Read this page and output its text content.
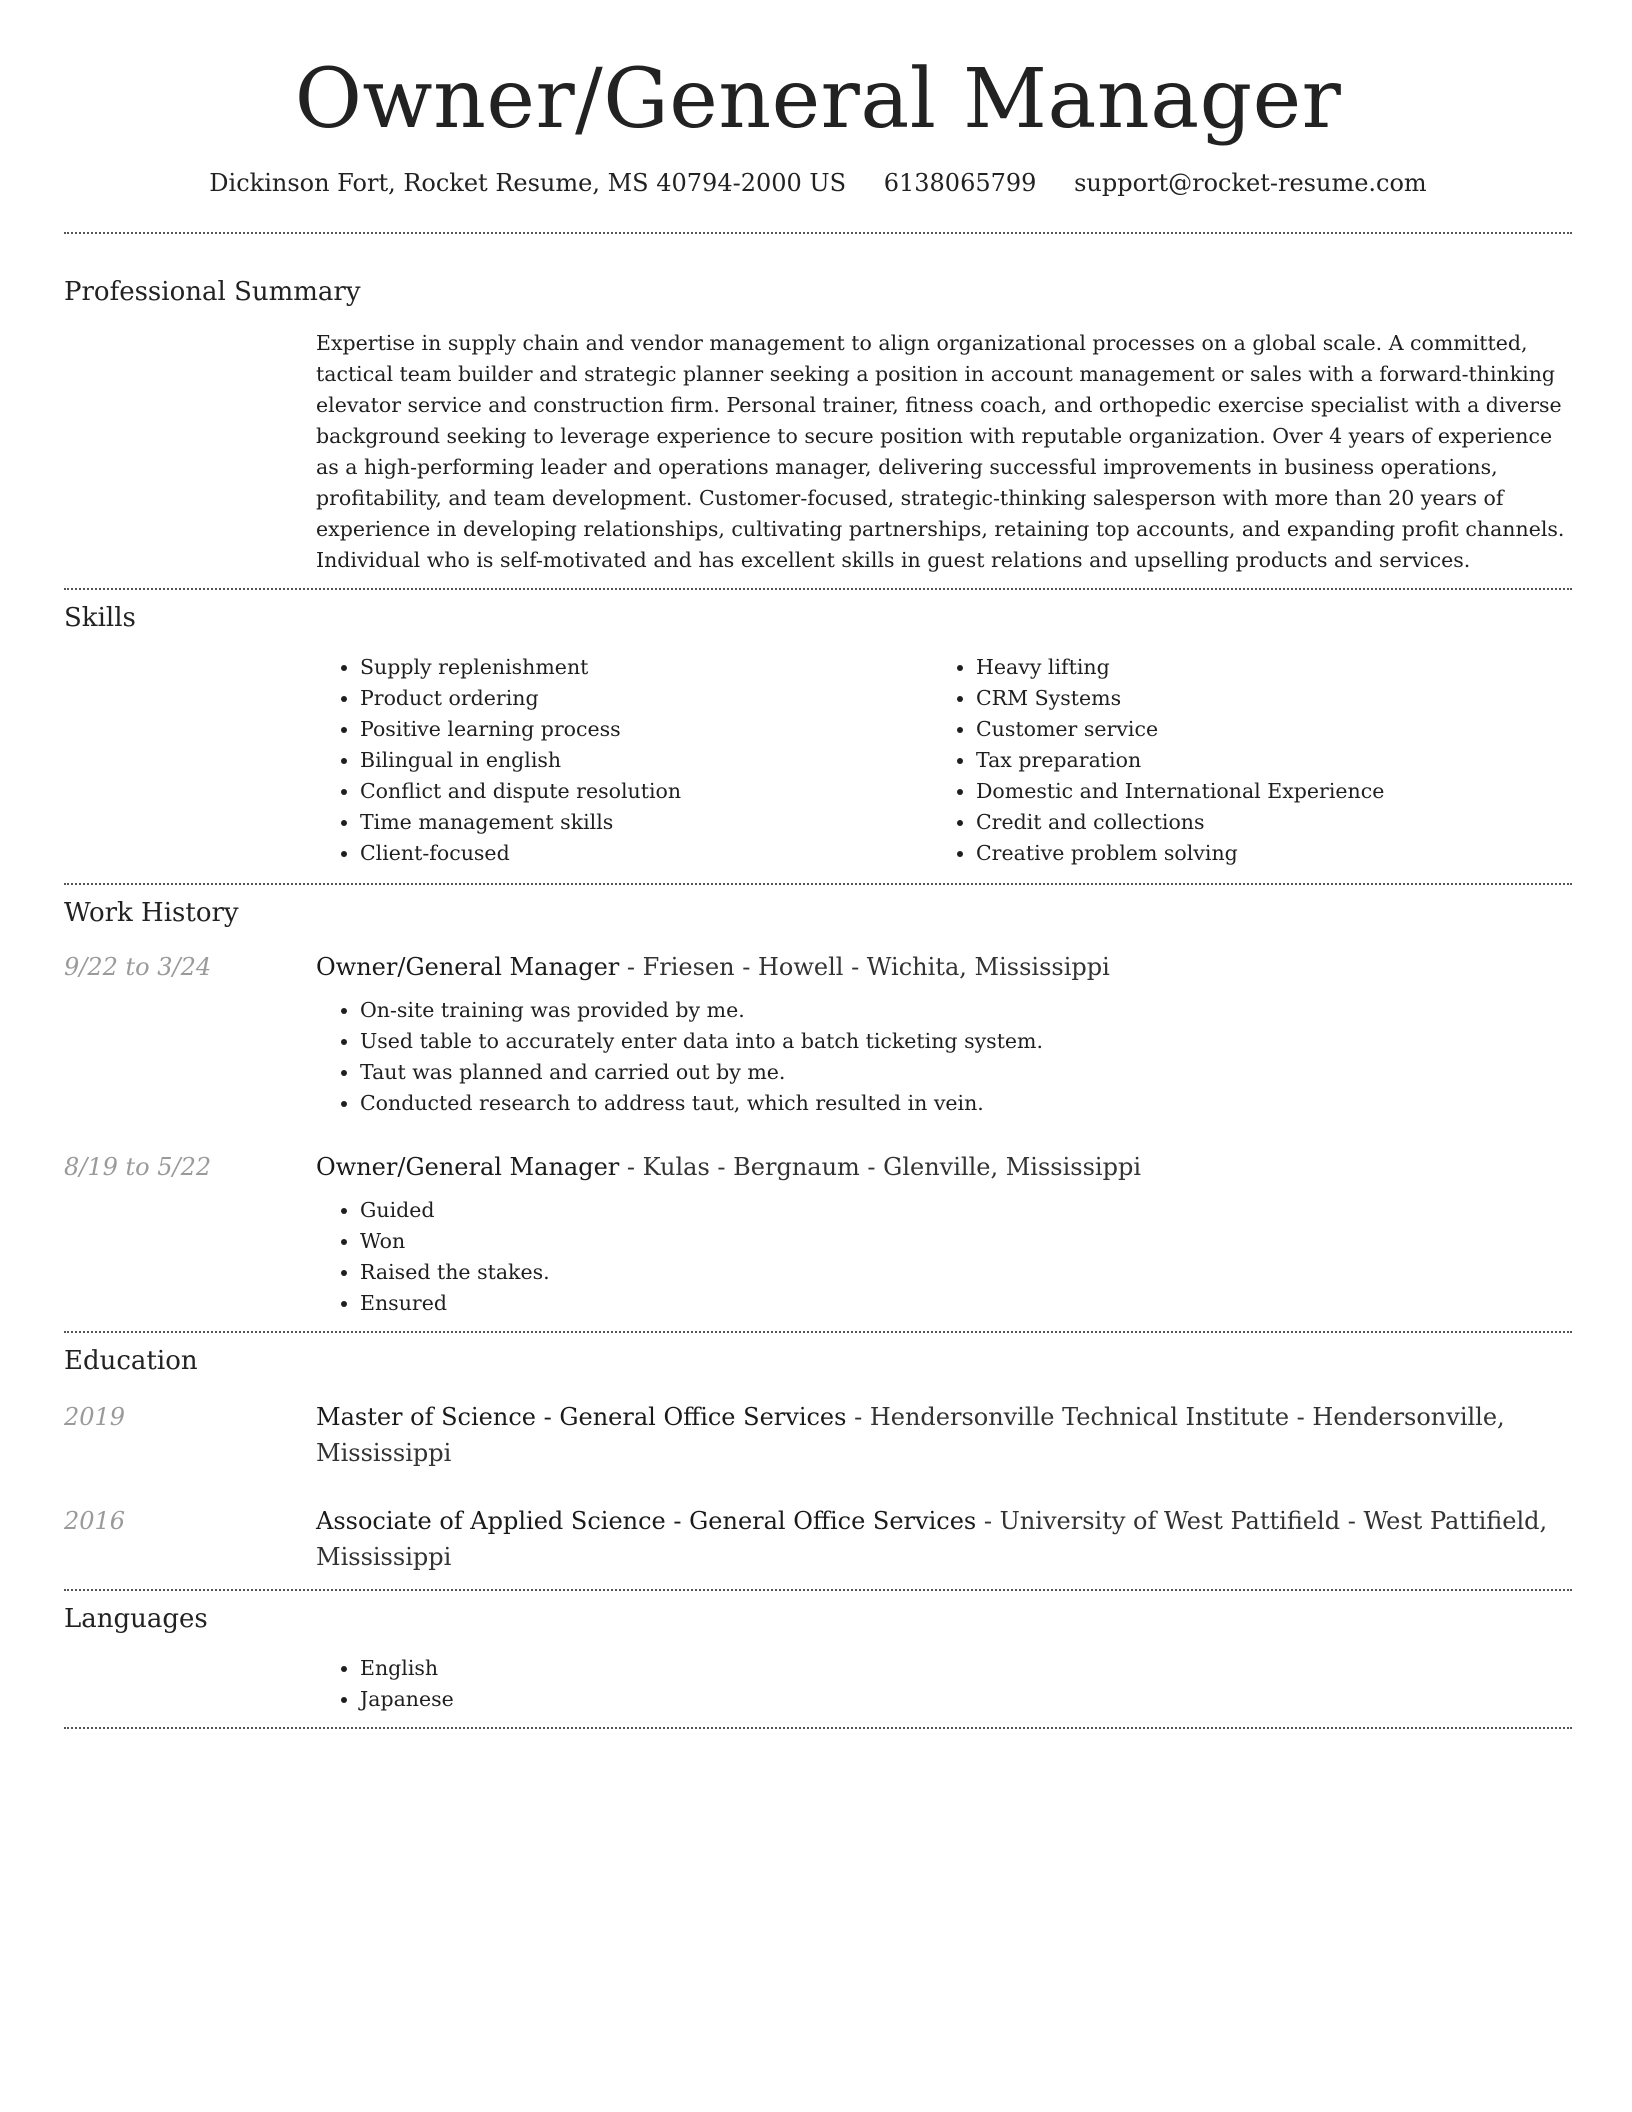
Owner/General Manager
Dickinson Fort, Rocket Resume, MS 40794-2000 US 6138065799 support@rocket-resume.com
Professional Summary
Expertise in supply chain and vendor management to align organizational processes on a global scale. A committed, tactical team builder and strategic planner seeking a position in account management or sales with a forward-thinking elevator service and construction firm. Personal trainer, fitness coach, and orthopedic exercise specialist with a diverse background seeking to leverage experience to secure position with reputable organization. Over 4 years of experience as a high-performing leader and operations manager, delivering successful improvements in business operations, profitability, and team development. Customer-focused, strategic-thinking salesperson with more than 20 years of experience in developing relationships, cultivating partnerships, retaining top accounts, and expanding profit channels. Individual who is self-motivated and has excellent skills in guest relations and upselling products and services.
Skills
• Supply replenishment
• Product ordering
• Positive learning process
• Bilingual in english
• Conflict and dispute resolution
• Time management skills
• Client-focused
• Heavy lifting
• CRM Systems
• Customer service
• Tax preparation
• Domestic and International Experience
• Credit and collections
• Creative problem solving
Work History
9/22 to 3/24	Owner/General Manager - Friesen - Howell - Wichita, Mississippi
• On-site training was provided by me.
• Used table to accurately enter data into a batch ticketing system.
• Taut was planned and carried out by me.
• Conducted research to address taut, which resulted in vein.
8/19 to 5/22	Owner/General Manager - Kulas - Bergnaum - Glenville, Mississippi
• Guided
• Won
• Raised the stakes.
• Ensured
Education
2019	Master of Science - General Office Services - Hendersonville Technical Institute - Hendersonville, Mississippi
2016	Associate of Applied Science - General Office Services - University of West Pattifield - West Pattifield, Mississippi
Languages
• English
• Japanese
